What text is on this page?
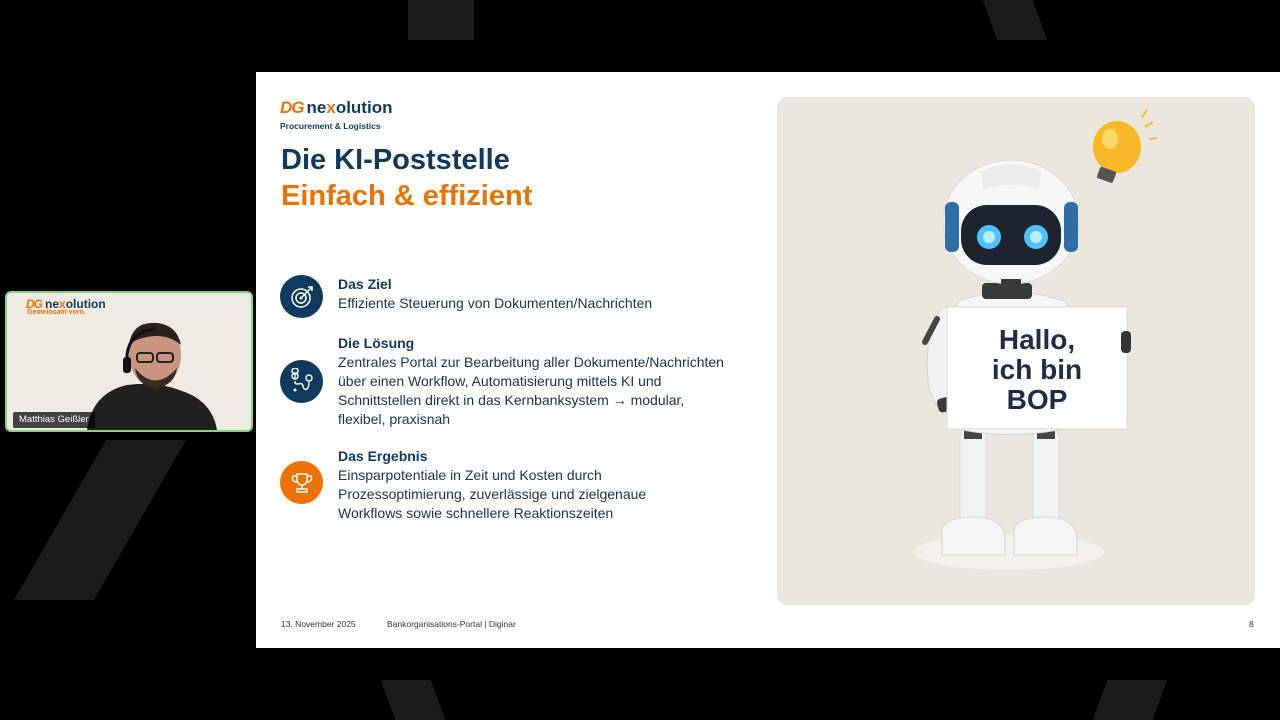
DG nexolution
Procurement & Logistics
Die KI-Poststelle
Einfach & effizient
Das Ziel
Effiziente Steuerung von Dokumenten/Nachrichten
Die Lösung
Zentrales Portal zur Bearbeitung aller Dokumente/Nachrichten über einen Workflow, Automatisierung mittels KI und Schnittstellen direkt in das Kernbanksystem → modular, flexibel, praxisnah
Das Ergebnis
Einsparpotentiale in Zeit und Kosten durch Prozessoptimierung, zuverlässige und zielgenaue Workflows sowie schnellere Reaktionszeiten
Hallo,
ich bin
BOP
13. November 2025	Bankorganisations-Portal | Diginar	8
DG nexolution
Gemeinsam vorn.
Matthias Geißler
